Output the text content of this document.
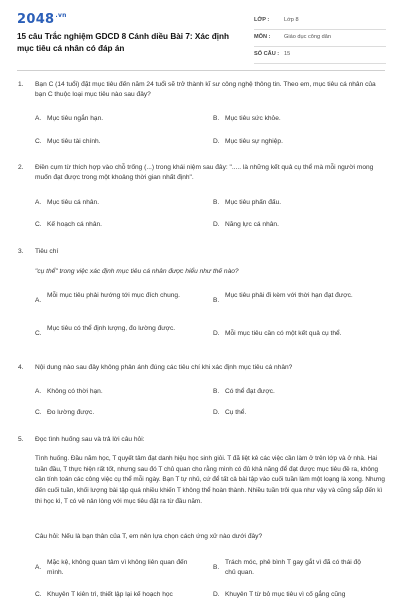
$2048^{.vn}$
15 câu Trắc nghiệm GDCD 8 Cánh diều Bài 7: Xác định mục tiêu cá nhân có đáp án
LỚP :	Lớp 8
MÔN : Giáo dục công dân
SỐ CÂU : 15
1. Bạn C (14 tuổi) đặt mục tiêu đến năm 24 tuổi sẽ trở thành kĩ sư công nghệ thông tin. Theo em, mục tiêu cá nhân của bạn C thuộc loại mục tiêu nào sau đây?
A. Mục tiêu ngắn hạn.	B. Mục tiêu sức khỏe.
C. Mục tiêu tài chính.	D. Mục tiêu sự nghiệp.
2. Điền cụm từ thích hợp vào chỗ trống (...) trong khái niệm sau đây: "..... là những kết quả cụ thể mà mỗi người mong muốn đạt được trong một khoảng thời gian nhất định".
A. Mục tiêu cá nhân.	B. Mục tiêu phấn đấu.
C. Kế hoạch cá nhân.	D. Năng lực cá nhân.
3. Tiêu chí
"cụ thể" trong việc xác định mục tiêu cá nhân được hiểu như thế nào?
A.
Mỗi mục tiêu phải hướng tới mục đích chung.
B.
Mục tiêu phải đi kèm với thời hạn đạt được.
C.
Mục tiêu có thể định lượng, đo lường được.
D. Mỗi mục tiêu cần có một kết quả cụ thể.
4. Nội dung nào sau đây không phản ánh đúng các tiêu chí khi xác định mục tiêu cá nhân?
A. Không có thời hạn.	B. Có thể đạt được.
C. Đo lường được.	D. Cụ thể.
5. Đọc tình huống sau và trả lời câu hỏi:
Tình huống. Đầu năm học, T quyết tâm đạt danh hiệu học sinh giỏi. T đã liệt kê các việc cần làm ở trên lớp và ở nhà. Hai tuần đầu, T thực hiện rất tốt, nhưng sau đó T chủ quan cho rằng mình có đủ khả năng để đạt được mục tiêu đề ra, không cần tính toán các công việc cụ thể mỗi ngày. Bạn T tự nhủ, cứ để tất cả bài tập vào cuối tuần làm một loạng là xong. Nhưng đến cuối tuần, khối lượng bài tập quá nhiều khiến T không thể hoàn thành. Nhiều tuần trôi qua như vậy và cũng sắp đến kì thi học kì, T có vẻ nản lòng với mục tiêu đặt ra từ đầu năm.
Câu hỏi: Nếu là bạn thân của T, em nên lựa chọn cách ứng xử nào dưới đây?
A.
Mặc kệ, không quan tâm vì không liên quan đến mình.
B.
Trách móc, phê bình T gay gắt vì đã có thái độ chủ quan.
C. Khuyên T kiên trì, thiết lập lại kế hoạch học	D. Khuyên T từ bỏ mục tiêu vì cố gắng cũng
